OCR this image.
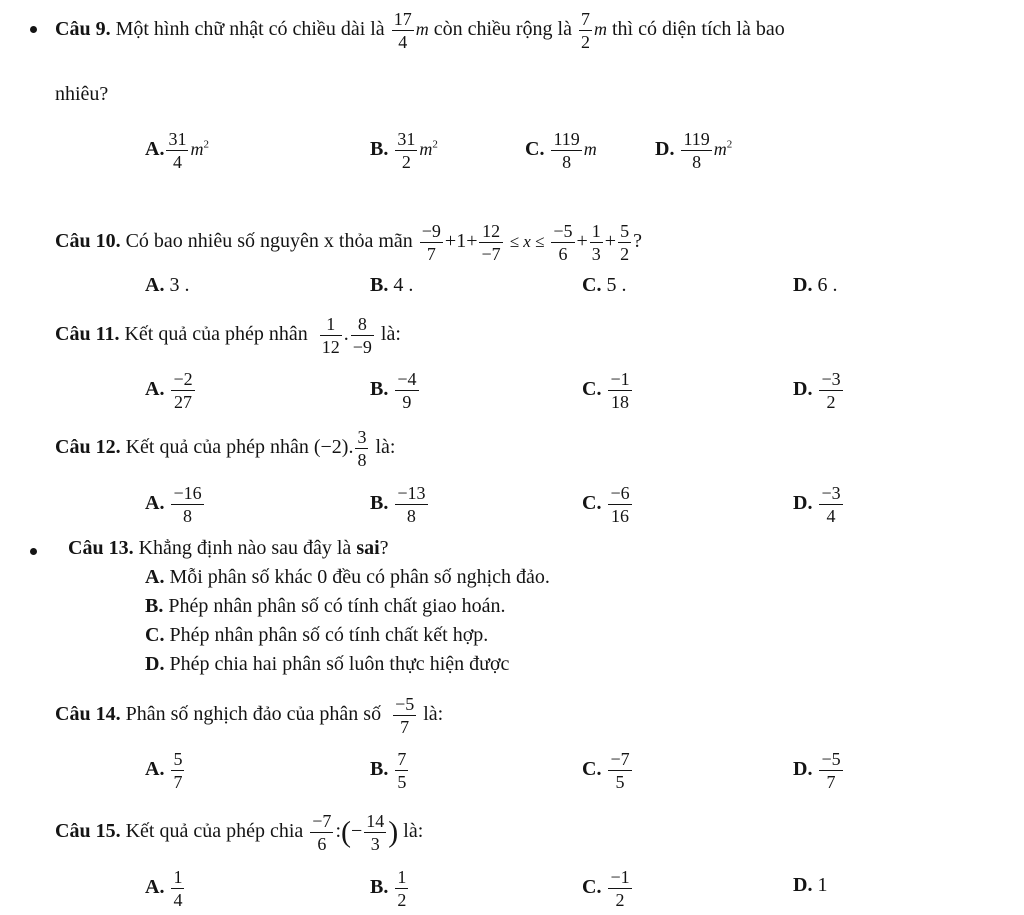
Câu 9. Một hình chữ nhật có chiều dài là $\frac{17}{4}$ m còn chiều rộng là $\frac{7}{2}$ m thì có diện tích là bao
nhiêu?
A. $\frac{31}{4} m^2$	B. $\frac{31}{2} m^2$	C. $\frac{119}{8}$ m	D. $\frac{119}{8} m^2$
Câu 10. Có bao nhiêu số nguyên x thỏa mãn $\frac{-9}{7} +1+ \frac{12}{-7} \le x \le \frac{-5}{6} + \frac{1}{3} + \frac{5}{2}$ ?
A. 3 .	B. 4 .	C. 5 .	D. 6 .
Câu 11. Kết quả của phép nhân $\frac{1}{12}$ . $\frac{8}{-9}$ là:
A. $\frac{-2}{27}$	B. $\frac{-4}{9}$	C. $\frac{-1}{18}$	D. $\frac{-3}{2}$
Câu 12. Kết quả của phép nhân (−2). $\frac{3}{8}$ là:
A. $\frac{-16}{8}$	B. $\frac{-13}{8}$	C. $\frac{-6}{16}$	D. $\frac{-3}{4}$
Câu 13. Khẳng định nào sau đây là sai?
A. Mỗi phân số khác 0 đều có phân số nghịch đảo.
B. Phép nhân phân số có tính chất giao hoán.
C. Phép nhân phân số có tính chất kết hợp.
D. Phép chia hai phân số luôn thực hiện được
Câu 14. Phân số nghịch đảo của phân số $\frac{-5}{7}$ là:
A. $\frac{5}{7}$	B. $\frac{7}{5}$	C. $\frac{-7}{5}$	D. $\frac{-5}{7}$
Câu 15. Kết quả của phép chia $\frac{-7}{6}$ :(− $\frac{14}{3}$ ) là:
A. $\frac{1}{4}$	B. $\frac{1}{2}$	C. $\frac{-1}{2}$	D. 1
